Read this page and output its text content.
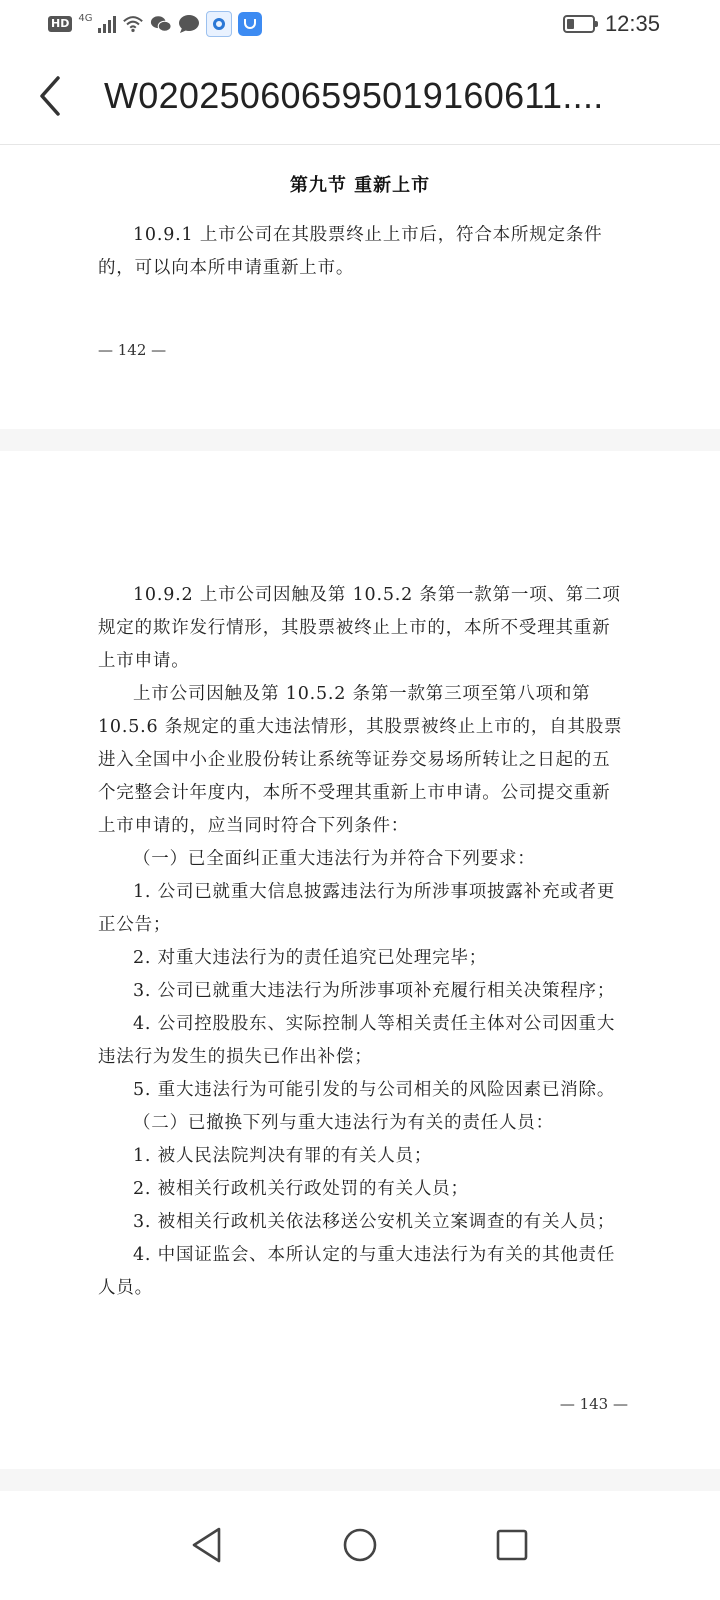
HD 4G	12:35
W0202506065950191606​11....
第九节 重新上市

10.9.1 上市公司在其股票终止上市后，符合本所规定条件的，可以向本所申请重新上市。

— 142 —

10.9.2 上市公司因触及第 10.5.2 条第一款第一项、第二项规定的欺诈发行情形，其股票被终止上市的，本所不受理其重新上市申请。

上市公司因触及第 10.5.2 条第一款第三项至第八项和第 10.5.6 条规定的重大违法情形，其股票被终止上市的，自其股票进入全国中小企业股份转让系统等证券交易场所转让之日起的五个完整会计年度内，本所不受理其重新上市申请。公司提交重新上市申请的，应当同时符合下列条件：

（一）已全面纠正重大违法行为并符合下列要求：

1. 公司已就重大信息披露违法行为所涉事项披露补充或者更正公告；

2. 对重大违法行为的责任追究已处理完毕；

3. 公司已就重大违法行为所涉事项补充履行相关决策程序；

4. 公司控股股东、实际控制人等相关责任主体对公司因重大违法行为发生的损失已作出补偿；

5. 重大违法行为可能引发的与公司相关的风险因素已消除。

（二）已撤换下列与重大违法行为有关的责任人员：

1. 被人民法院判决有罪的有关人员；

2. 被相关行政机关行政处罚的有关人员；

3. 被相关行政机关依法移送公安机关立案调查的有关人员；

4. 中国证监会、本所认定的与重大违法行为有关的其他责任人员。

— 143 —
